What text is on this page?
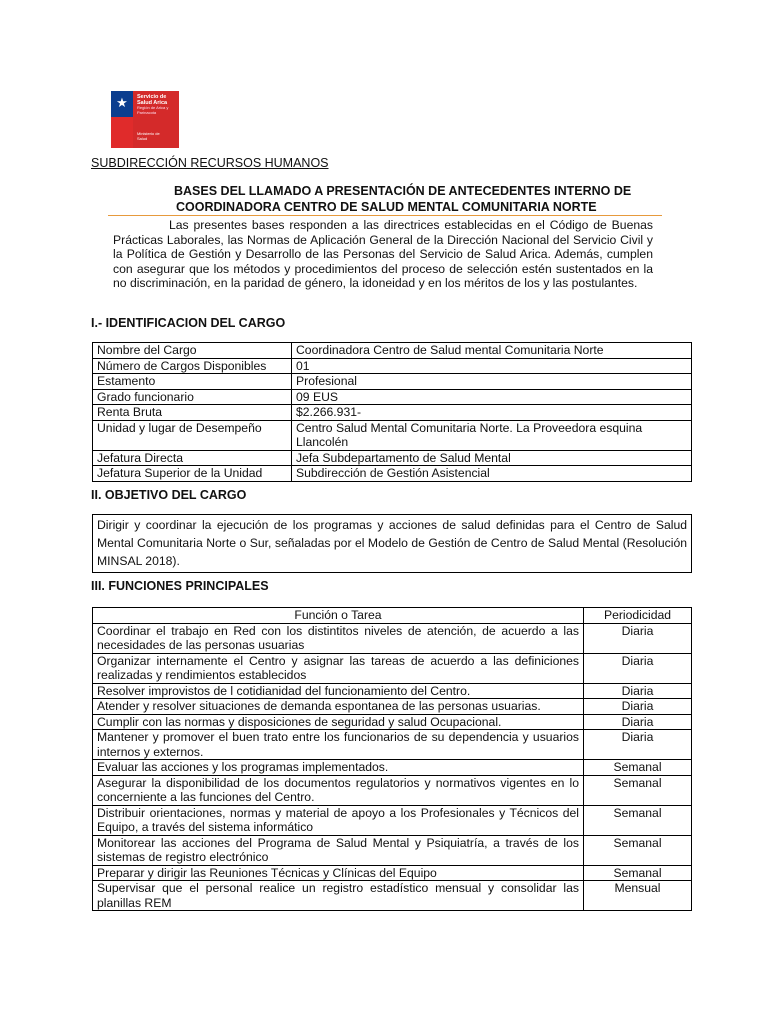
★ Servicio de
Salud Arica
Región de Arica y
Parinacota
Ministerio de
Salud
SUBDIRECCIÓN RECURSOS HUMANOS
BASES DEL LLAMADO A PRESENTACIÓN DE ANTECEDENTES INTERNO DE
COORDINADORA CENTRO DE SALUD MENTAL COMUNITARIA NORTE
Las presentes bases responden a las directrices establecidas en el Código de Buenas Prácticas Laborales, las Normas de Aplicación General de la Dirección Nacional del Servicio Civil y la Política de Gestión y Desarrollo de las Personas del Servicio de Salud Arica. Además, cumplen con asegurar que los métodos y procedimientos del proceso de selección estén sustentados en la no discriminación, en la paridad de género, la idoneidad y en los méritos de los y las postulantes.
I.- IDENTIFICACION DEL CARGO
Nombre del Cargo	Coordinadora Centro de Salud mental Comunitaria Norte
Número de Cargos Disponibles	01
Estamento	Profesional
Grado funcionario	09 EUS
Renta Bruta	$2.266.931-
Unidad y lugar de Desempeño	Centro Salud Mental Comunitaria Norte. La Proveedora esquina Llancolén
Jefatura Directa	Jefa Subdepartamento de Salud Mental
Jefatura Superior de la Unidad	Subdirección de Gestión Asistencial
II. OBJETIVO DEL CARGO
Dirigir y coordinar la ejecución de los programas y acciones de salud definidas para el Centro de Salud Mental Comunitaria Norte o Sur, señaladas por el Modelo de Gestión de Centro de Salud Mental (Resolución MINSAL 2018).
III. FUNCIONES PRINCIPALES
Función o Tarea	Periodicidad
Coordinar el trabajo en Red con los distintitos niveles de atención, de acuerdo a las necesidades de las personas usuarias	Diaria
Organizar internamente el Centro y asignar las tareas de acuerdo a las definiciones realizadas y rendimientos establecidos	Diaria
Resolver improvistos de l cotidianidad del funcionamiento del Centro.	Diaria
Atender y resolver situaciones de demanda espontanea de las personas usuarias.	Diaria
Cumplir con las normas y disposiciones de seguridad y salud Ocupacional.	Diaria
Mantener y promover el buen trato entre los funcionarios de su dependencia y usuarios internos y externos.	Diaria
Evaluar las acciones y los programas implementados.	Semanal
Asegurar la disponibilidad de los documentos regulatorios y normativos vigentes en lo concerniente a las funciones del Centro.	Semanal
Distribuir orientaciones, normas y material de apoyo a los Profesionales y Técnicos del Equipo, a través del sistema informático	Semanal
Monitorear las acciones del Programa de Salud Mental y Psiquiatría, a través de los sistemas de registro electrónico	Semanal
Preparar y dirigir las Reuniones Técnicas y Clínicas del Equipo	Semanal
Supervisar que el personal realice un registro estadístico mensual y consolidar las planillas REM	Mensual
